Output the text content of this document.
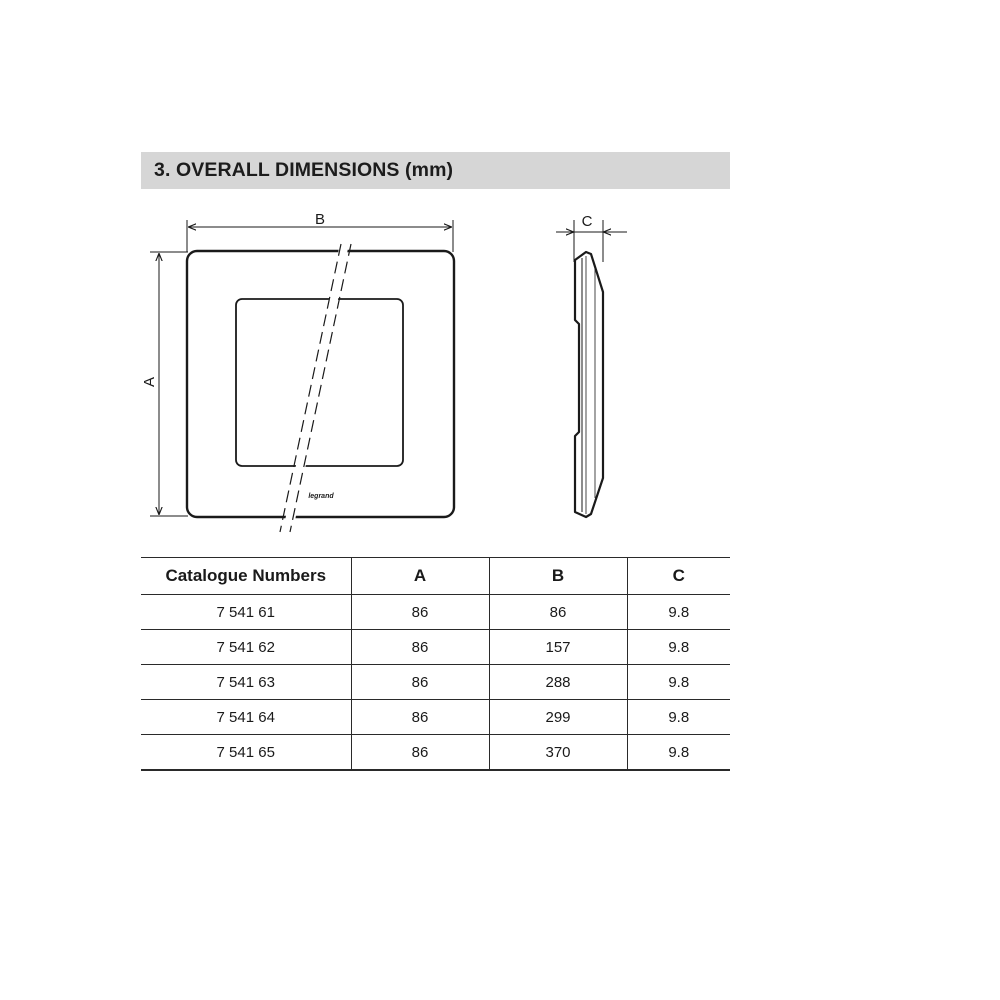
3. OVERALL DIMENSIONS (mm)
B
A
legrand
C
Catalogue Numbers	A	B	C
7 541 61	86	86	9.8
7 541 62	86	157	9.8
7 541 63	86	288	9.8
7 541 64	86	299	9.8
7 541 65	86	370	9.8
